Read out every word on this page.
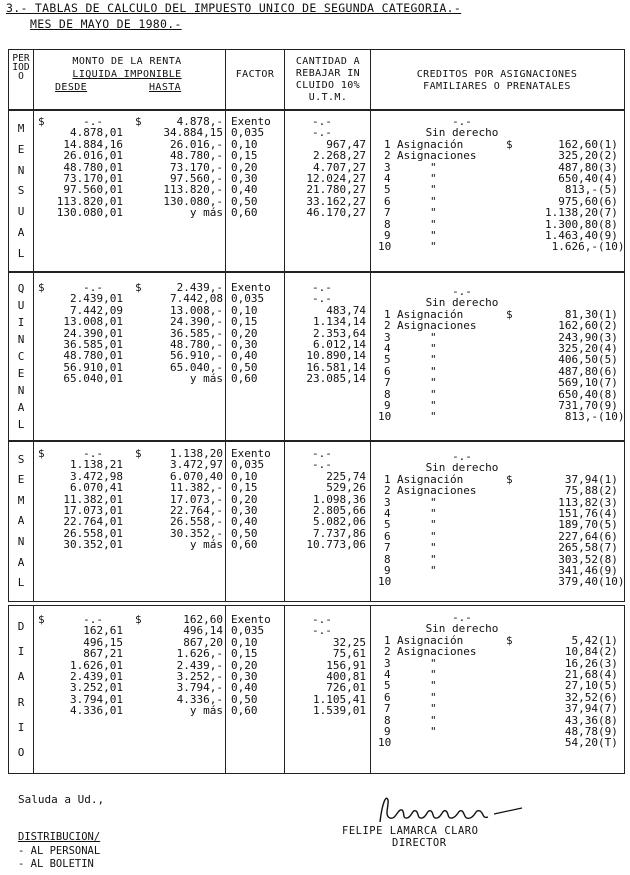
3.- TABLAS DE CALCULO DEL IMPUESTO UNICO DE SEGUNDA CATEGORIA.-
MES DE MAYO DE 1980.-
PERIODO
MONTO DE LA RENTA
LIQUIDA IMPONIBLE
DESDE	HASTA
FACTOR
CANTIDAD A
REBAJAR IN
CLUIDO 10%
U.T.M.
CREDITOS POR ASIGNACIONES
FAMILIARES O PRENATALES
M
E
N
S
U
A
L
$	$
-.-	4.878,- Exento	-.-
4.878,01	34.884,15 0,035	-.-
14.884,16	26.016,- 0,10	967,47
26.016,01	48.780,- 0,15	2.268,27
48.780,01	73.170,- 0,20	4.707,27
73.170,01	97.560,- 0,30	12.024,27
97.560,01	113.820,- 0,40	21.780,27
113.820,01	130.080,- 0,50	33.162,27
130.080,01	y más 0,60	46.170,27
-.-
Sin derecho
1 Asignación	$	162,60 (1)
2 Asignaciones	325,20 (2)
3	"	487,80 (3)
4	"	650,40 (4)
5	"	813,- (5)
6	"	975,60 (6)
7	"	1.138,20 (7)
8	"	1.300,80 (8)
9	"	1.463,40 (9)
10	"	1.626,- (10)
Q
U
I
N
C
E
N
A
L
$	$
-.-	2.439,- Exento	-.-
2.439,01	7.442,08 0,035	-.-
7.442,09	13.008,- 0,10	483,74
13.008,01	24.390,- 0,15	1.134,14
24.390,01	36.585,- 0,20	2.353,64
36.585,01	48.780,- 0,30	6.012,14
48.780,01	56.910,- 0,40	10.890,14
56.910,01	65.040,- 0,50	16.581,14
65.040,01	y más 0,60	23.085,14
-.-
Sin derecho
1 Asignación	$	81,30 (1)
2 Asignaciones	162,60 (2)
3	"	243,90 (3)
4	"	325,20 (4)
5	"	406,50 (5)
6	"	487,80 (6)
7	"	569,10 (7)
8	"	650,40 (8)
9	"	731,70 (9)
10	"	813,- (10)
S
E
M
A
N
A
L
$	$
-.-	1.138,20 Exento	-.-
1.138,21	3.472,97 0,035	-.-
3.472,98	6.070,40 0,10	225,74
6.070,41	11.382,- 0,15	529,26
11.382,01	17.073,- 0,20	1.098,36
17.073,01	22.764,- 0,30	2.805,66
22.764,01	26.558,- 0,40	5.082,06
26.558,01	30.352,- 0,50	7.737,86
30.352,01	y más 0,60	10.773,06
-.-
Sin derecho
1 Asignación	$	37,94 (1)
2 Asignaciones	75,88 (2)
3	"	113,82 (3)
4	"	151,76 (4)
5	"	189,70 (5)
6	"	227,64 (6)
7	"	265,58 (7)
8	"	303,52 (8)
9	"	341,46 (9)
10	379,40 (10)
D
I
A
R
I
O
$	$
-.-	162,60 Exento	-.-
162,61	496,14 0,035	-.-
496,15	867,20 0,10	32,25
867,21	1.626,- 0,15	75,61
1.626,01	2.439,- 0,20	156,91
2.439,01	3.252,- 0,30	400,81
3.252,01	3.794,- 0,40	726,01
3.794,01	4.336,- 0,50	1.105,41
4.336,01	y más 0,60	1.539,01
-.-
Sin derecho
1 Asignación	$	5,42 (1)
2 Asignaciones	10,84 (2)
3	"	16,26 (3)
4	"	21,68 (4)
5	"	27,10 (5)
6	"	32,52 (6)
7	"	37,94 (7)
8	"	43,36 (8)
9	"	48,78 (9)
10	54,20 (T)
Saluda a Ud.,
DISTRIBUCION/
- AL PERSONAL
- AL BOLETIN
FELIPE LAMARCA CLARO
DIRECTOR
